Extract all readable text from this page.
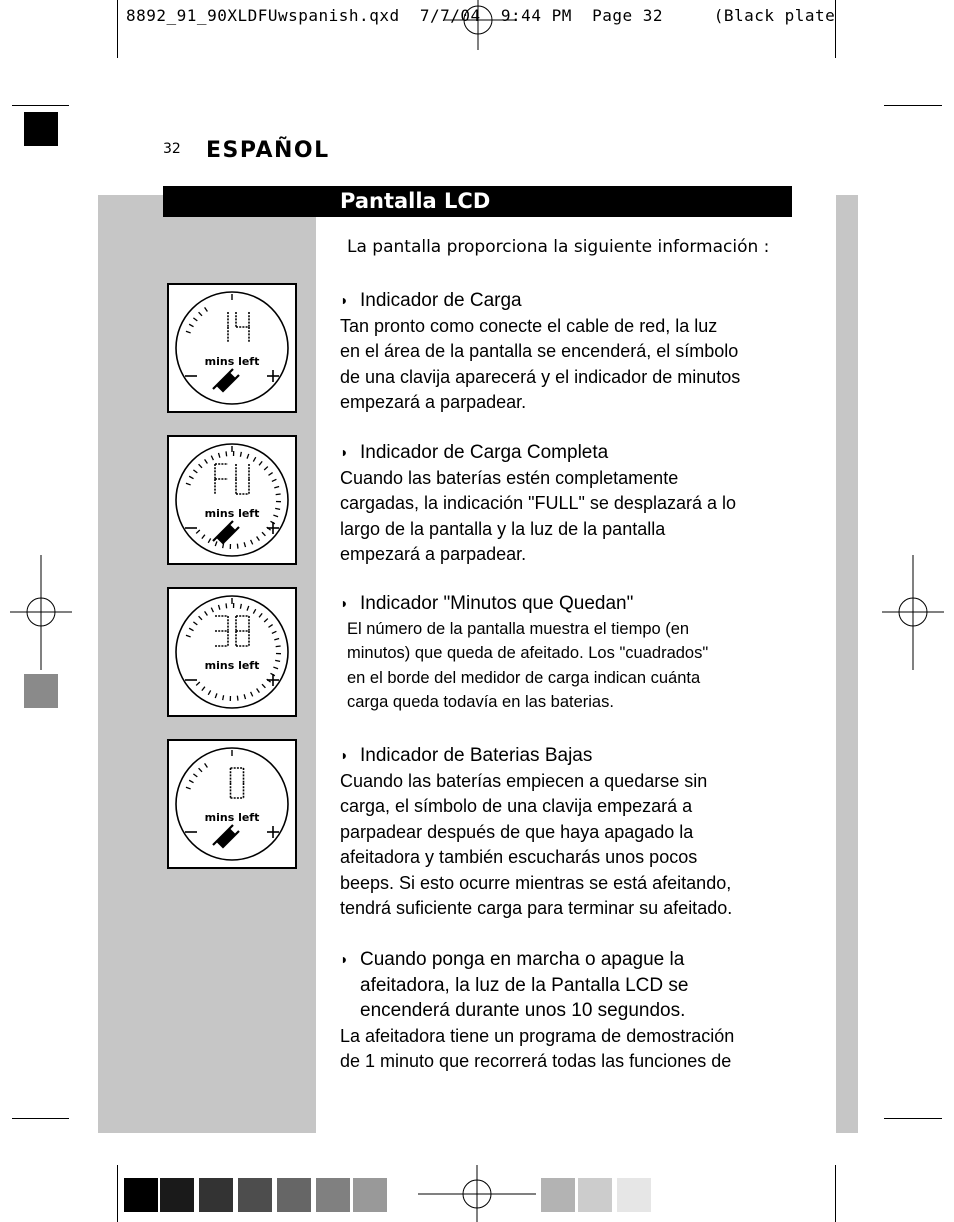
8892_91_90XLDFUwspanish.qxd  7/7/04  9:44 PM  Page 32     (Black plate
32 ESPAÑOL
Pantalla LCD
La pantalla proporciona la siguiente información :
mins left
mins left
mins left
mins left
◗ Indicador de Carga
Tan pronto como conecte el cable de red, la luz
en el área de la pantalla se encenderá, el símbolo
de una clavija aparecerá y el indicador de minutos
empezará a parpadear.
◗ Indicador de Carga Completa
Cuando las baterías estén completamente
cargadas, la indicación "FULL" se desplazará a lo
largo de la pantalla y la luz de la pantalla
empezará a parpadear.
◗ Indicador "Minutos que Quedan"
El número de la pantalla muestra el tiempo (en
minutos) que queda de afeitado. Los "cuadrados"
en el borde del medidor de carga indican cuánta
carga queda todavía en las baterias.
◗ Indicador de Baterias Bajas
Cuando las baterías empiecen a quedarse sin
carga, el símbolo de una clavija empezará a
parpadear después de que haya apagado la
afeitadora y también escucharás unos pocos
beeps. Si esto ocurre mientras se está afeitando,
tendrá suficiente carga para terminar su afeitado.
◗ Cuando ponga en marcha o apague la
afeitadora, la luz de la Pantalla LCD se
encenderá durante unos 10 segundos.
La afeitadora tiene un programa de demostración
de 1 minuto que recorrerá todas las funciones de
